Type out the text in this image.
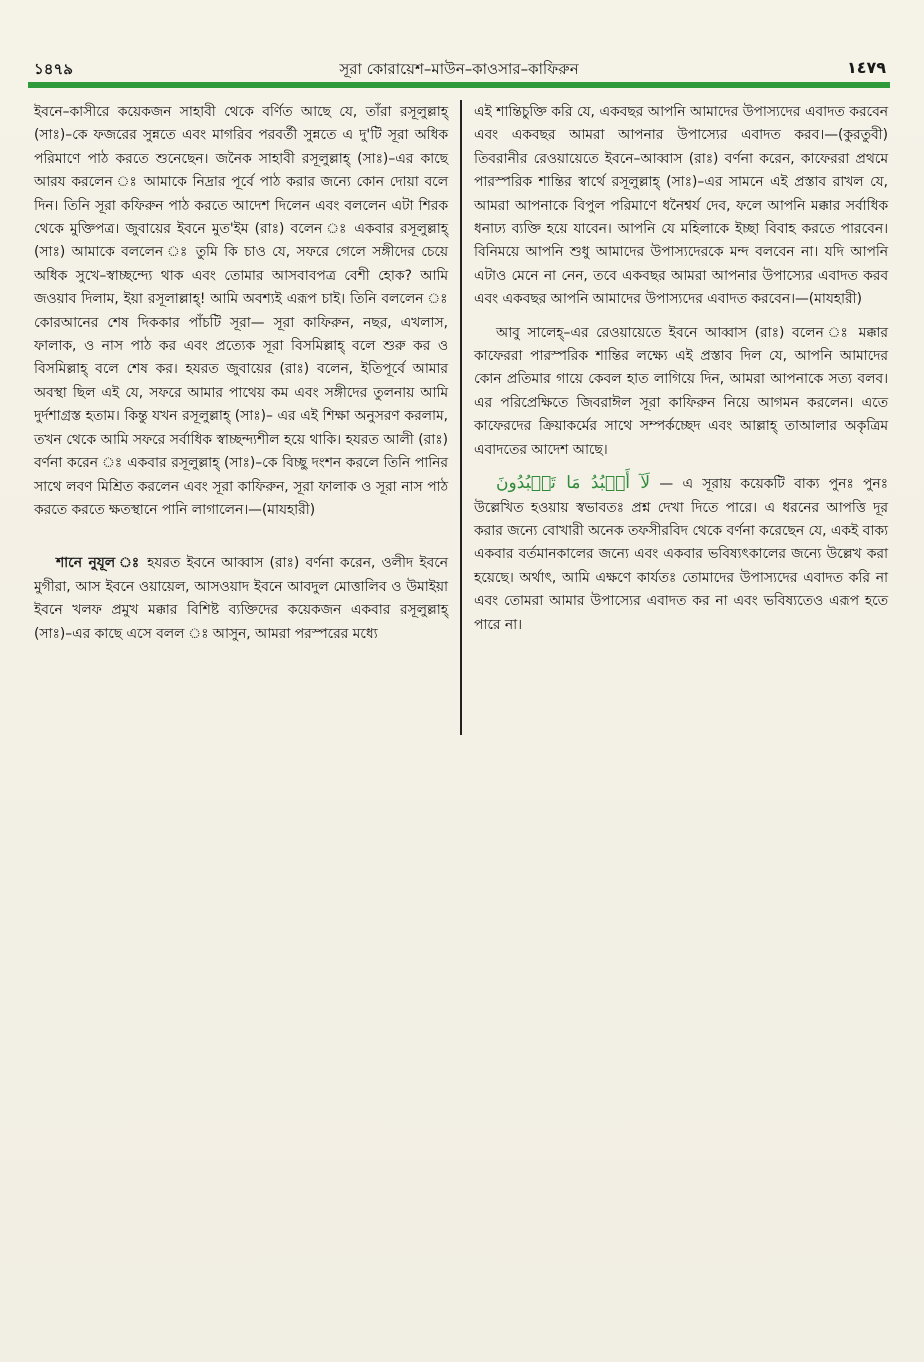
১৪৭৯	সূরা কোরায়েশ–মাউন–কাওসার–কাফিরুন	١٤٧٩

ইবনে–কাসীরে কয়েকজন সাহাবী থেকে বর্ণিত আছে যে, তাঁরা রসূলুল্লাহ্ (সাঃ)–কে ফজরের সুন্নতে এবং মাগরিব পরবর্তী সুন্নতে এ দু'টি সূরা অধিক পরিমাণে পাঠ করতে শুনেছেন। জনৈক সাহাবী রসূলুল্লাহ্ (সাঃ)–এর কাছে আরয করলেন ঃ আমাকে নিদ্রার পূর্বে পাঠ করার জন্যে কোন দোয়া বলে দিন। তিনি সূরা কফিরুন পাঠ করতে আদেশ দিলেন এবং বললেন এটা শিরক থেকে মুক্তিপত্র। জুবায়ের ইবনে মুত'ইম (রাঃ) বলেন ঃ একবার রসূলুল্লাহ্ (সাঃ) আমাকে বললেন ঃ তুমি কি চাও যে, সফরে গেলে সঙ্গীদের চেয়ে অধিক সুখে–স্বাচ্ছন্দ্যে থাক এবং তোমার আসবাবপত্র বেশী হোক? আমি জওয়াব দিলাম, ইয়া রসূলাল্লাহ্! আমি অবশ্যই এরূপ চাই। তিনি বললেন ঃ কোরআনের শেষ দিককার পাঁচটি সূরা— সূরা কাফিরুন, নছর, এখলাস, ফালাক, ও নাস পাঠ কর এবং প্রত্যেক সূরা বিসমিল্লাহ্ বলে শুরু কর ও বিসমিল্লাহ্ বলে শেষ কর। হযরত জুবায়ের (রাঃ) বলেন, ইতিপূর্বে আমার অবস্থা ছিল এই যে, সফরে আমার পাথেয় কম এবং সঙ্গীদের তুলনায় আমি দুর্দশাগ্রস্ত হতাম। কিন্তু যখন রসূলুল্লাহ্ (সাঃ)– এর এই শিক্ষা অনুসরণ করলাম, তখন থেকে আমি সফরে সর্বাধিক স্বাচ্ছন্দ্যশীল হয়ে থাকি। হযরত আলী (রাঃ) বর্ণনা করেন ঃ একবার রসূলুল্লাহ্ (সাঃ)–কে বিচ্ছু দংশন করলে তিনি পানির সাথে লবণ মিশ্রিত করলেন এবং সূরা কাফিরুন, সূরা ফালাক ও সূরা নাস পাঠ করতে করতে ক্ষতস্থানে পানি লাগালেন।—(মাযহারী)

শানে নুযূল ঃ হযরত ইবনে আব্বাস (রাঃ) বর্ণনা করেন, ওলীদ ইবনে মুগীরা, আস ইবনে ওয়ায়েল, আসওয়াদ ইবনে আবদুল মোত্তালিব ও উমাইয়া ইবনে খলফ প্রমুখ মক্কার বিশিষ্ট ব্যক্তিদের কয়েকজন একবার রসূলুল্লাহ্ (সাঃ)–এর কাছে এসে বলল ঃ আসুন, আমরা পরস্পরের মধ্যে

এই শান্তিচুক্তি করি যে, একবছর আপনি আমাদের উপাস্যদের এবাদত করবেন এবং একবছর আমরা আপনার উপাস্যের এবাদত করব।—(কুরতুবী) তিবরানীর রেওয়ায়েতে ইবনে–আব্বাস (রাঃ) বর্ণনা করেন, কাফেররা প্রথমে পারস্পরিক শান্তির স্বার্থে রসূলুল্লাহ্ (সাঃ)–এর সামনে এই প্রস্তাব রাখল যে, আমরা আপনাকে বিপুল পরিমাণে ধনৈশ্বর্য দেব, ফলে আপনি মক্কার সর্বাধিক ধনাঢ্য ব্যক্তি হয়ে যাবেন। আপনি যে মহিলাকে ইচ্ছা বিবাহ করতে পারবেন। বিনিময়ে আপনি শুধু আমাদের উপাস্যদেরকে মন্দ বলবেন না। যদি আপনি এটাও মেনে না নেন, তবে একবছর আমরা আপনার উপাস্যের এবাদত করব এবং একবছর আপনি আমাদের উপাস্যদের এবাদত করবেন।—(মাযহারী)

আবু সালেহ্–এর রেওয়ায়েতে ইবনে আব্বাস (রাঃ) বলেন ঃ মক্কার কাফেররা পারস্পরিক শান্তির লক্ষ্যে এই প্রস্তাব দিল যে, আপনি আমাদের কোন প্রতিমার গায়ে কেবল হাত লাগিয়ে দিন, আমরা আপনাকে সত্য বলব। এর পরিপ্রেক্ষিতে জিবরাঈল সূরা কাফিরুন নিয়ে আগমন করলেন। এতে কাফেরদের ক্রিয়াকর্মের সাথে সম্পর্কচ্ছেদ এবং আল্লাহ্ তাআলার অকৃত্রিম এবাদতের আদেশ আছে।

لَآ أَعۡبُدُ مَا تَعۡبُدُونَ — এ সূরায় কয়েকটি বাক্য পুনঃ পুনঃ উল্লেখিত হওয়ায় স্বভাবতঃ প্রশ্ন দেখা দিতে পারে। এ ধরনের আপত্তি দূর করার জন্যে বোখারী অনেক তফসীরবিদ থেকে বর্ণনা করেছেন যে, একই বাক্য একবার বর্তমানকালের জন্যে এবং একবার ভবিষ্যৎকালের জন্যে উল্লেখ করা হয়েছে। অর্থাৎ, আমি এক্ষণে কার্যতঃ তোমাদের উপাস্যদের এবাদত করি না এবং তোমরা আমার উপাস্যের এবাদত কর না এবং ভবিষ্যতেও এরূপ হতে পারে না।
